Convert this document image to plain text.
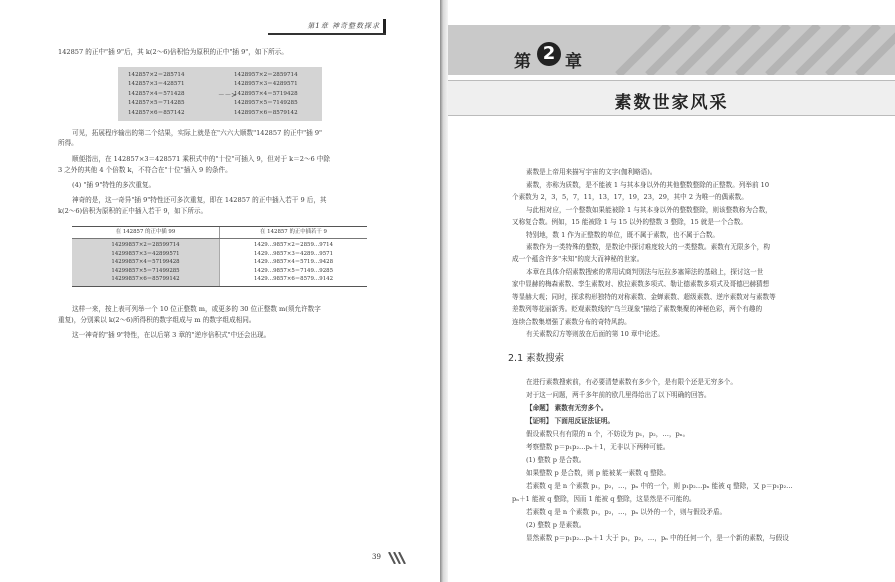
第1章 神奇整数探求
142857 的正中"插 9"后，其 k(2～6)倍积恰为原积的正中"插 9"，如下所示。
142857×2＝285714
142857×3＝428571
142857×4＝571428
142857×5＝714285
142857×6＝857142
－－>
1428957×2＝2859714
1428957×3＝4289571
1428957×4＝5719428
1428957×5＝7149285
1428957×6＝8579142
可见，拓展程序输出的第二个结果，实际上就是在"六六大顺数"142857 的正中"插 9"
所得。
顺便指出，在 142857×3＝428571 乘积式中的"十位"可插入 9，但对于 k＝2～6 中除
3 之外的其他 4 个倍数 k，不符合在"十位"插入 9 的条件。
(4) "插 9"特性的多次重复。
神奇的是，这一奇异"插 9"特性还可多次重复，即在 142857 的正中插入若干 9 后，其
k(2～6)倍积为原积的正中插入若干 9，如下所示。
在 142857 的正中插 99	在 142857 的正中插若干 9
14299857×2＝28599714
14299857×3＝42899571
14299857×4＝57199428
14299857×5＝71499285
14299857×6＝85799142
1429…9857×2＝2859…9714
1429…9857×3＝4289…9571
1429…9857×4＝5719…9428
1429…9857×5＝7149…9285
1429…9857×6＝8579…9142
这样一来，按上表可列举一个 10 位正整数 m，或更多的 30 位正整数 m(须允许数字
重复)，分别乘以 k(2～6)所得积的数字组成与 m 的数字组成相同。
这一神奇的"插 9"特性，在以后第 3 章的"逆序倍积式"中还会出现。
39
第 2 章
素数世家风采
素数是上帝用来描写宇宙的文字(伽利略语)。
素数，亦称为质数，是不能被 1 与其本身以外的其他整数整除的正整数。列举前 10
个素数为 2，3，5，7，11，13，17，19，23，29，其中 2 为唯一的偶素数。
与此相对应，一个整数如果能被除 1 与其本身以外的整数整除，则该整数称为合数，
又称复合数。例如，15 能被除 1 与 15 以外的整数 3 整除，15 就是一个合数。
特别地，数 1 作为正整数的单位，既不属于素数，也不属于合数。
素数作为一类特殊的整数，是数论中探讨难度较大的一类整数。素数有无限多个，构
成一个蕴含许多"未知"的庞大而神秘的世家。
本章在具体介绍素数搜索的常用试商判别法与厄拉多塞筛法的基础上，探讨这一世
家中显赫的梅森素数、孪生素数对、欧拉素数多项式、勒让德素数多项式及哥德巴赫猜想
等显赫大观；同时，探求构形独特的对称素数、金蝉素数、超级素数、逆序素数对与素数等
差数列等花丽新秀。贬观素数线的"乌兰现象"描绘了素数集聚的神秘色彩，两个有趣的
连续合数集增强了素数分布的奇特风韵。
有关素数幻方等则放在后面的第 10 章中论述。
2.1 素数搜索
在进行素数搜索前，有必要清楚素数有多少个，是有限个还是无穷多个。
对于这一问题，两千多年前的欧几里得给出了以下明确的回答。
【命题】 素数有无穷多个。
【证明】 下面用反证法证明。
假设素数只有有限的 n 个，不妨设为 p₁，p₂，…，pₙ。
考察整数 p＝p₁p₂…pₙ＋1，无非以下两种可能。
(1) 整数 p 是合数。
如果整数 p 是合数，则 p 能被某一素数 q 整除。
若素数 q 是 n 个素数 p₁，p₂，…，pₙ 中的一个，则 p₁p₂…pₙ 能被 q 整除，又 p＝p₁p₂…
pₙ＋1 能被 q 整除，因而 1 能被 q 整除，这显然是不可能的。
若素数 q 是 n 个素数 p₁，p₂，…，pₙ 以外的一个，则与假设矛盾。
(2) 整数 p 是素数。
显然素数 p＝p₁p₂…pₙ＋1 大于 p₁，p₂，…，pₙ 中的任何一个，是一个新的素数，与假设
